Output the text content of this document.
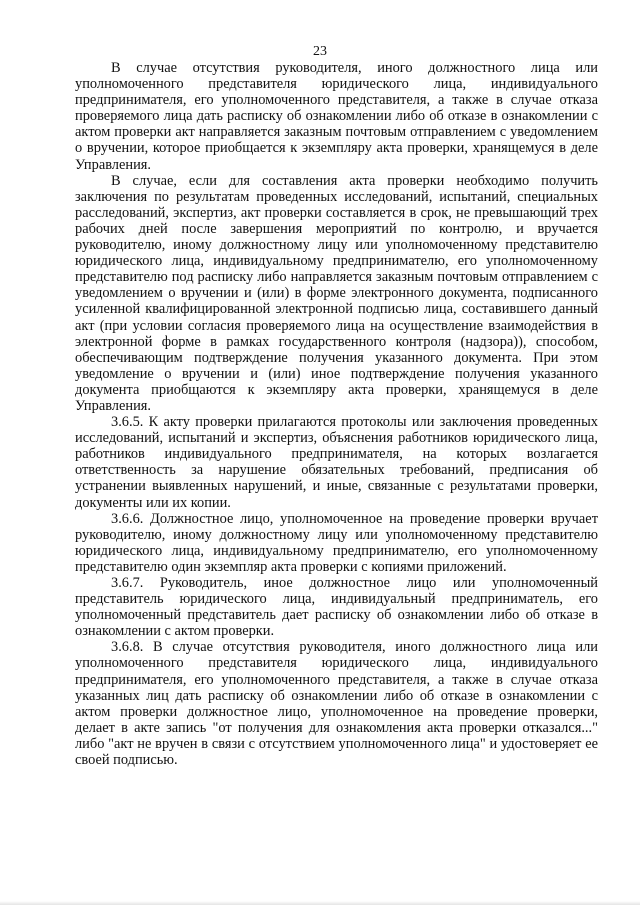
23

В случае отсутствия руководителя, иного должностного лица или уполномоченного представителя юридического лица, индивидуального предпринимателя, его уполномоченного представителя, а также в случае отказа проверяемого лица дать расписку об ознакомлении либо об отказе в ознакомлении с актом проверки акт направляется заказным почтовым отправлением с уведомлением о вручении, которое приобщается к экземпляру акта проверки, хранящемуся в деле Управления.

В случае, если для составления акта проверки необходимо получить заключения по результатам проведенных исследований, испытаний, специальных расследований, экспертиз, акт проверки составляется в срок, не превышающий трех рабочих дней после завершения мероприятий по контролю, и вручается руководителю, иному должностному лицу или уполномоченному представителю юридического лица, индивидуальному предпринимателю, его уполномоченному представителю под расписку либо направляется заказным почтовым отправлением с уведомлением о вручении и (или) в форме электронного документа, подписанного усиленной квалифицированной электронной подписью лица, составившего данный акт (при условии согласия проверяемого лица на осуществление взаимодействия в электронной форме в рамках государственного контроля (надзора)), способом, обеспечивающим подтверждение получения указанного документа. При этом уведомление о вручении и (или) иное подтверждение получения указанного документа приобщаются к экземпляру акта проверки, хранящемуся в деле Управления.

3.6.5. К акту проверки прилагаются протоколы или заключения проведенных исследований, испытаний и экспертиз, объяснения работников юридического лица, работников индивидуального предпринимателя, на которых возлагается ответственность за нарушение обязательных требований, предписания об устранении выявленных нарушений, и иные, связанные с результатами проверки, документы или их копии.

3.6.6. Должностное лицо, уполномоченное на проведение проверки вручает руководителю, иному должностному лицу или уполномоченному представителю юридического лица, индивидуальному предпринимателю, его уполномоченному представителю один экземпляр акта проверки с копиями приложений.

3.6.7. Руководитель, иное должностное лицо или уполномоченный представитель юридического лица, индивидуальный предприниматель, его уполномоченный представитель дает расписку об ознакомлении либо об отказе в ознакомлении с актом проверки.

3.6.8. В случае отсутствия руководителя, иного должностного лица или уполномоченного представителя юридического лица, индивидуального предпринимателя, его уполномоченного представителя, а также в случае отказа указанных лиц дать расписку об ознакомлении либо об отказе в ознакомлении с актом проверки должностное лицо, уполномоченное на проведение проверки, делает в акте запись "от получения для ознакомления акта проверки отказался..." либо "акт не вручен в связи с отсутствием уполномоченного лица" и удостоверяет ее своей подписью.
